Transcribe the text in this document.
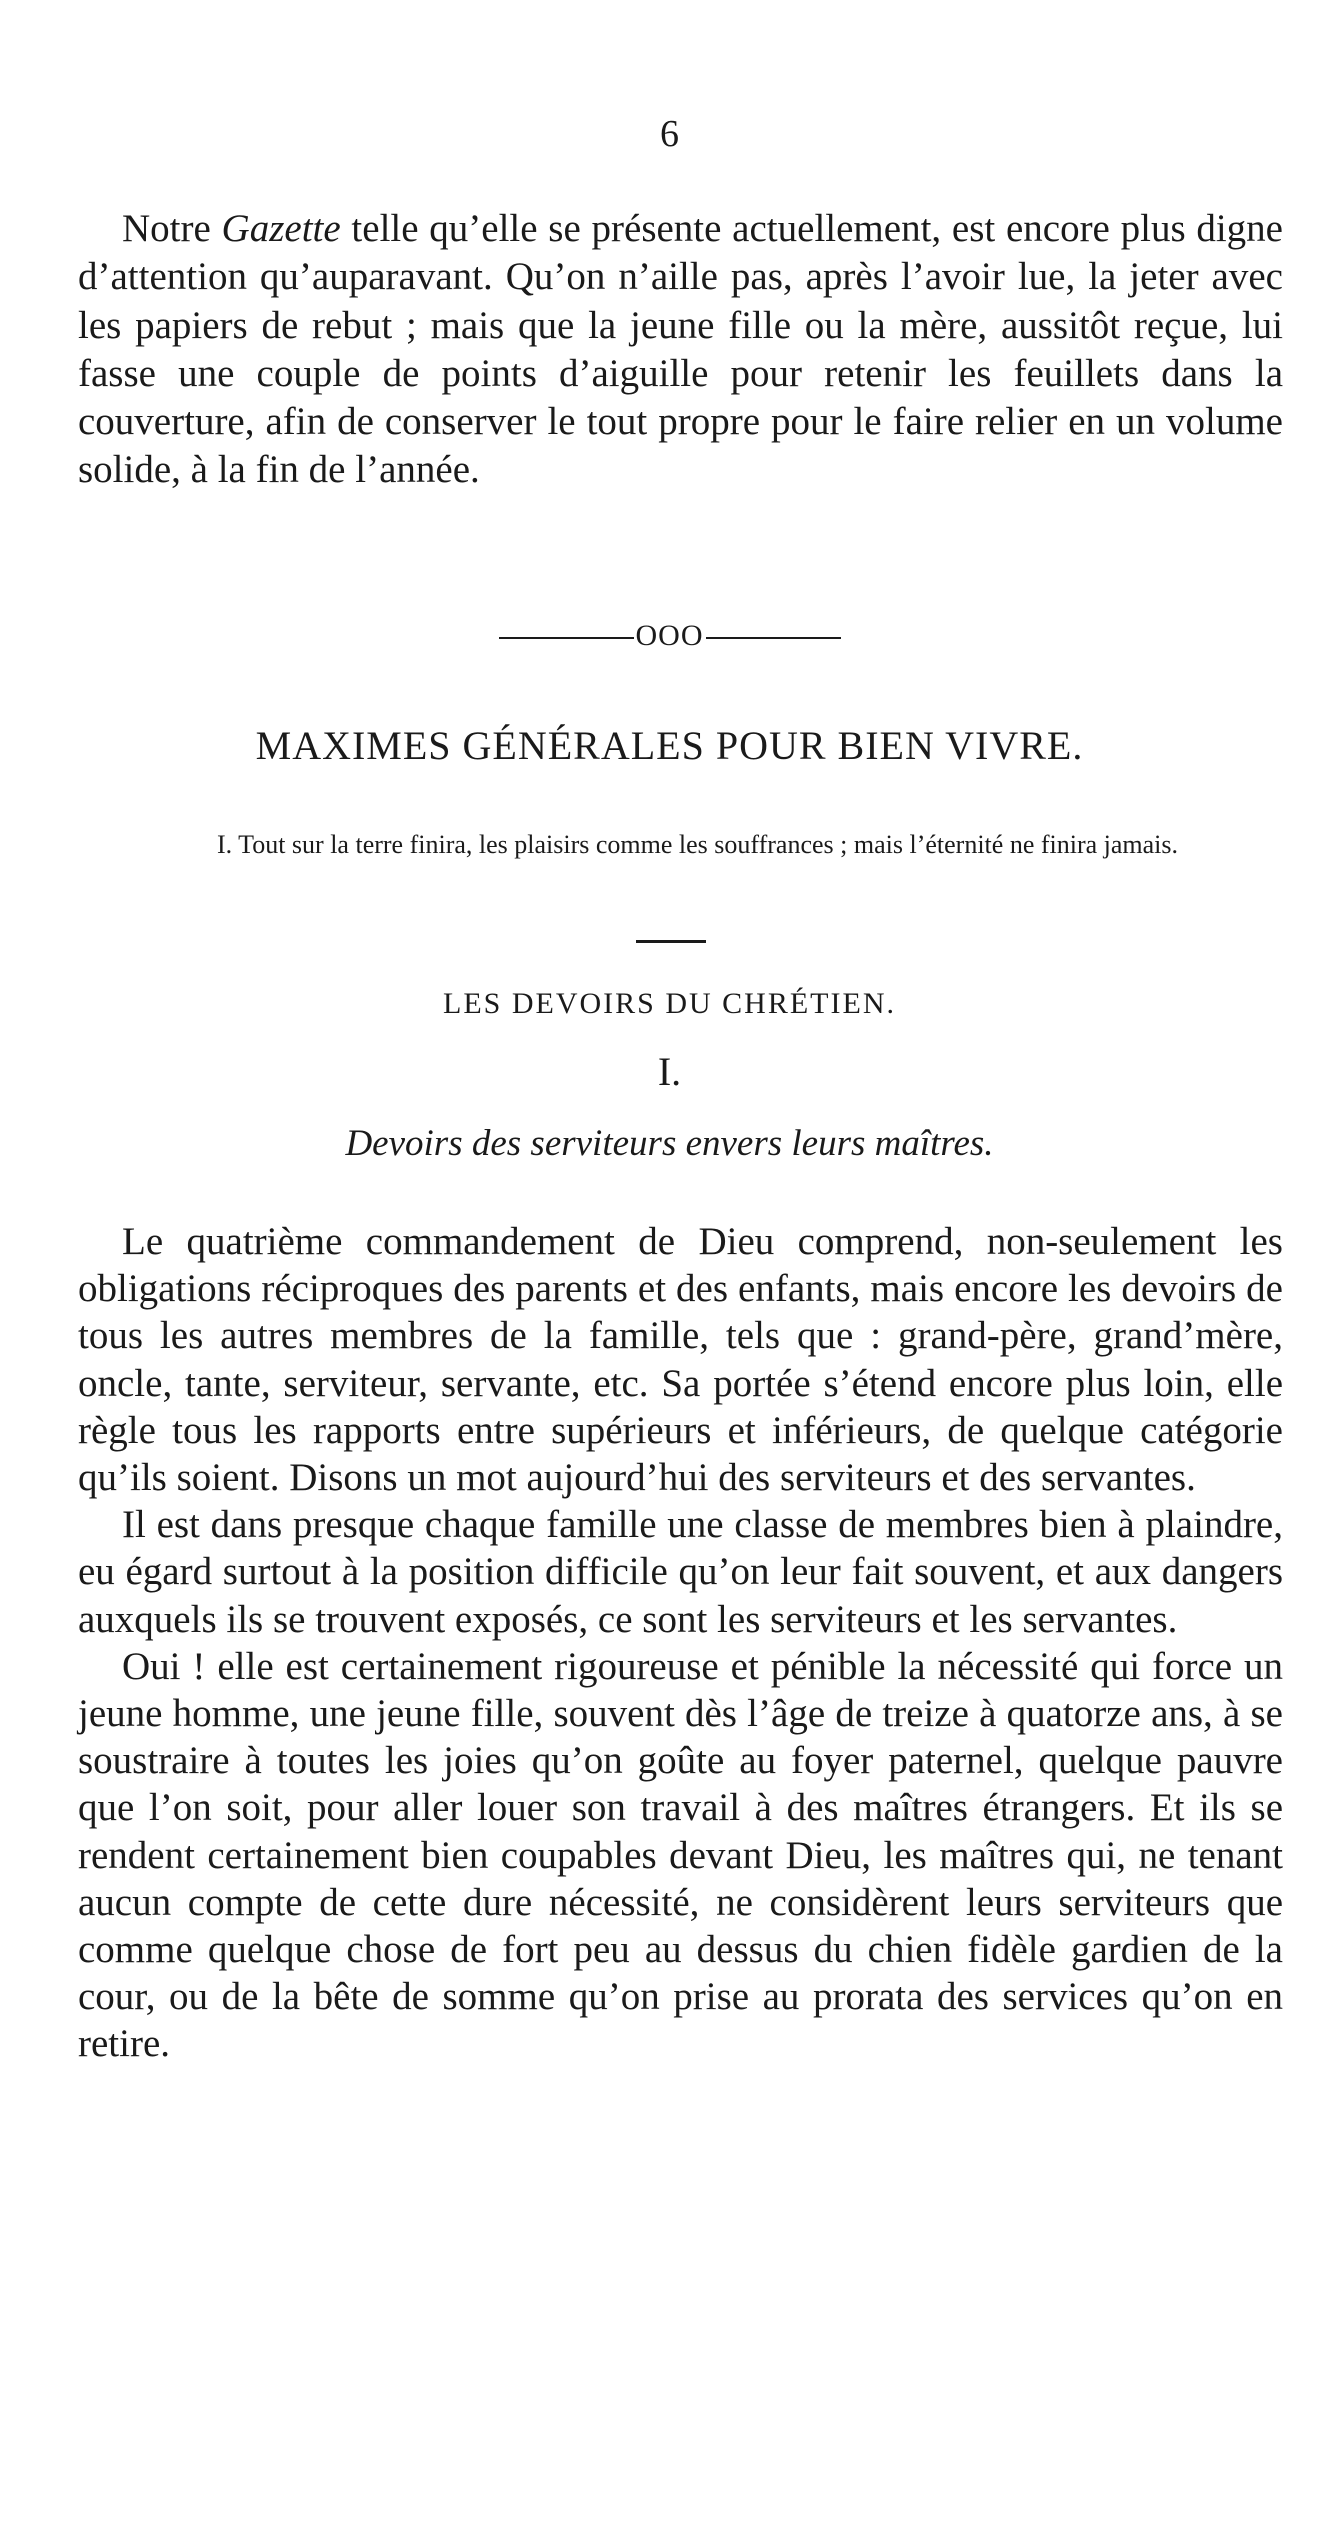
6

Notre Gazette telle qu’elle se présente actuellement, est encore plus digne d’attention qu’auparavant. Qu’on n’aille pas, après l’avoir lue, la jeter avec les papiers de rebut ; mais que la jeune fille ou la mère, aussitôt reçue, lui fasse une couple de points d’aiguille pour retenir les feuillets dans la couverture, afin de conserver le tout propre pour le faire relier en un volume solide, à la fin de l’année.

OOO
MAXIMES GÉNÉRALES POUR BIEN VIVRE.
I. Tout sur la terre finira, les plaisirs comme les souffrances ; mais l’éternité ne finira jamais.
LES DEVOIRS DU CHRÉTIEN.
I.
Devoirs des serviteurs envers leurs maîtres.

Le quatrième commandement de Dieu comprend, non-seulement les obligations réciproques des parents et des enfants, mais encore les devoirs de tous les autres membres de la famille, tels que : grand-père, grand’mère, oncle, tante, serviteur, servante, etc. Sa portée s’étend encore plus loin, elle règle tous les rapports entre supérieurs et inférieurs, de quelque catégorie qu’ils soient. Disons un mot aujourd’hui des serviteurs et des servantes.

Il est dans presque chaque famille une classe de membres bien à plaindre, eu égard surtout à la position difficile qu’on leur fait souvent, et aux dangers auxquels ils se trouvent exposés, ce sont les serviteurs et les servantes.

Oui ! elle est certainement rigoureuse et pénible la nécessité qui force un jeune homme, une jeune fille, souvent dès l’âge de treize à quatorze ans, à se soustraire à toutes les joies qu’on goûte au foyer paternel, quelque pauvre que l’on soit, pour aller louer son travail à des maîtres étrangers. Et ils se rendent certainement bien coupables devant Dieu, les maîtres qui, ne tenant aucun compte de cette dure nécessité, ne considèrent leurs serviteurs que comme quelque chose de fort peu au dessus du chien fidèle gardien de la cour, ou de la bête de somme qu’on prise au prorata des services qu’on en retire.
